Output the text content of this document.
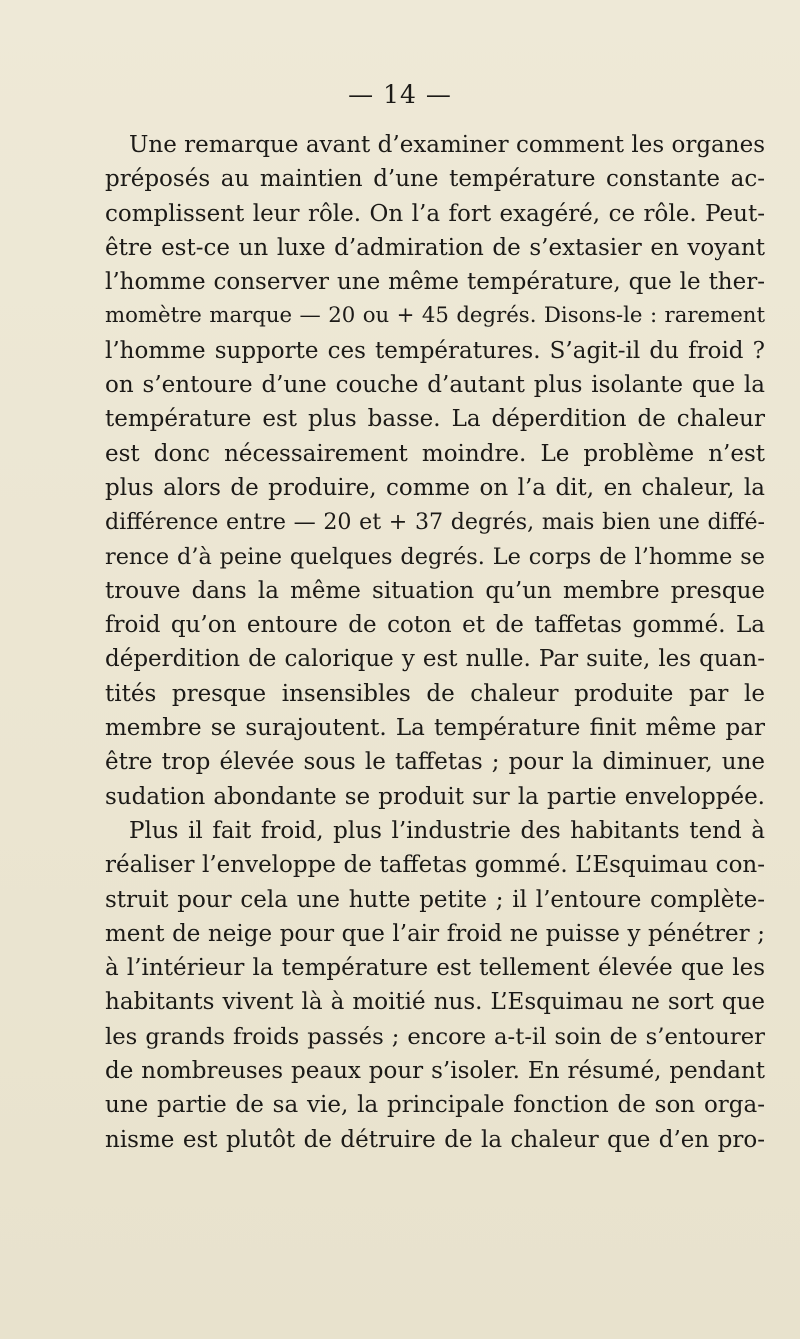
— 14 —
Une remarque avant d’examiner comment les organes
préposés au maintien d’une température constante ac-
complissent leur rôle. On l’a fort exagéré, ce rôle. Peut-
être est-ce un luxe d’admiration de s’extasier en voyant
l’homme conserver une même température, que le ther-
momètre marque — 20 ou + 45 degrés. Disons-le : rarement
l’homme supporte ces températures. S’agit-il du froid ?
on s’entoure d’une couche d’autant plus isolante que la
température est plus basse. La déperdition de chaleur
est donc nécessairement moindre. Le problème n’est
plus alors de produire, comme on l’a dit, en chaleur, la
différence entre — 20 et + 37 degrés, mais bien une diffé-
rence d’à peine quelques degrés. Le corps de l’homme se
trouve dans la même situation qu’un membre presque
froid qu’on entoure de coton et de taffetas gommé. La
déperdition de calorique y est nulle. Par suite, les quan-
tités presque insensibles de chaleur produite par le
membre se surajoutent. La température finit même par
être trop élevée sous le taffetas ; pour la diminuer, une
sudation abondante se produit sur la partie enveloppée.
Plus il fait froid, plus l’industrie des habitants tend à
réaliser l’enveloppe de taffetas gommé. L’Esquimau con-
struit pour cela une hutte petite ; il l’entoure complète-
ment de neige pour que l’air froid ne puisse y pénétrer ;
à l’intérieur la température est tellement élevée que les
habitants vivent là à moitié nus. L’Esquimau ne sort que
les grands froids passés ; encore a-t-il soin de s’entourer
de nombreuses peaux pour s’isoler. En résumé, pendant
une partie de sa vie, la principale fonction de son orga-
nisme est plutôt de détruire de la chaleur que d’en pro-
